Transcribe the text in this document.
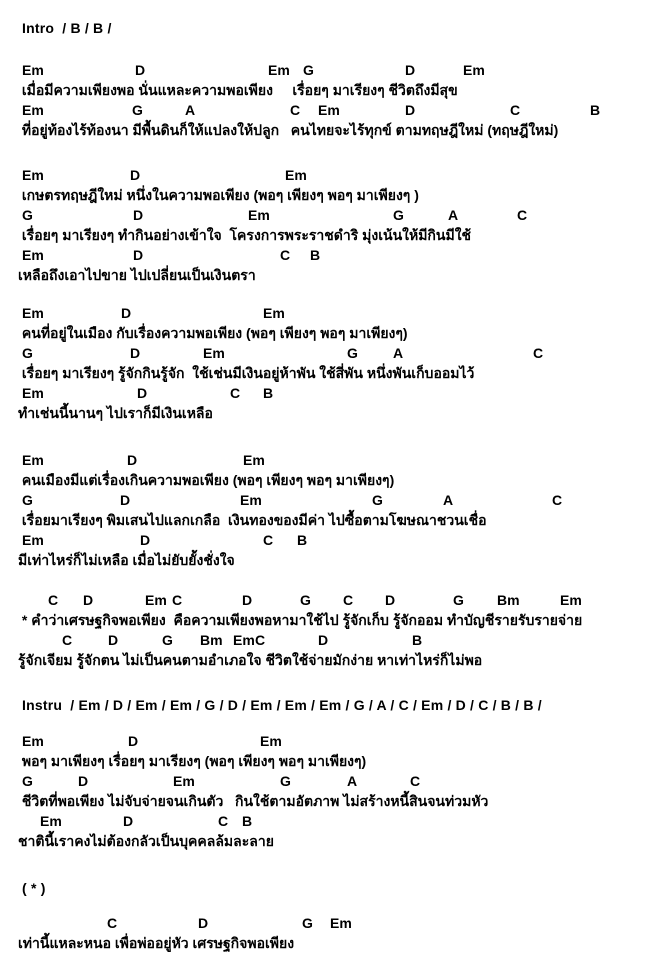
Intro  / B / B /
Em	D	Em G	D	Em
เมื่อมีความเพียงพอ นั่นแหละความพอเพียง     เรื่อยๆ มาเรียงๆ ชีวิตถึงมีสุข
Em	G	A	C Em	D	C	B
ที่อยู่ท้องไร้ท้องนา มีพื้นดินก็ให้แปลงให้ปลูก   คนไทยจะไร้ทุกข์ ตามทฤษฎีใหม่ (ทฤษฎีใหม่)
Em	D	Em
เกษตรทฤษฎีใหม่ หนึ่งในความพอเพียง (พอๆ เพียงๆ พอๆ มาเพียงๆ )
G	D	Em	G	A	C
เรื่อยๆ มาเรียงๆ ทำกินอย่างเข้าใจ  โครงการพระราชดำริ มุ่งเน้นให้มีกินมีใช้
Em	D	C B
เหลือถึงเอาไปขาย ไปเปลี่ยนเป็นเงินตรา
Em	D	Em
คนที่อยู่ในเมือง กับเรื่องความพอเพียง (พอๆ เพียงๆ พอๆ มาเพียงๆ)
G	D	Em	G	A	C
เรื่อยๆ มาเรียงๆ รู้จักกินรู้จัก  ใช้เช่นมีเงินอยู่ห้าพัน ใช้สี่พัน หนึ่งพันเก็บออมไว้
Em	D	C B
ทำเช่นนี้นานๆ ไปเราก็มีเงินเหลือ
Em	D	Em
คนเมืองมีแต่เรื่องเกินความพอเพียง (พอๆ เพียงๆ พอๆ มาเพียงๆ)
G	D	Em	G	A	C
เรื่อยมาเรียงๆ พิมเสนไปแลกเกลือ  เงินทองของมีค่า ไปซื้อตามโฆษณาชวนเชื่อ
Em	D	C B
มีเท่าไหร่ก็ไม่เหลือ เมื่อไม่ยับยั้งชั่งใจ
C D	Em C	D	G C D	G Bm	Em
* คำว่าเศรษฐกิจพอเพียง  คือความเพียงพอหามาใช้ไป รู้จักเก็บ รู้จักออม ทำบัญชีรายรับรายจ่าย
C	D	G Bm Em C	D	B
รู้จักเจียม รู้จักตน ไม่เป็นคนตามอำเภอใจ ชีวิตใช้จ่ายมักง่าย หาเท่าไหร่ก็ไม่พอ
Instru  / Em / D / Em / Em / G / D / Em / Em / Em / G / A / C / Em / D / C / B / B /
Em	D	Em
พอๆ มาเพียงๆ เรื่อยๆ มาเรียงๆ (พอๆ เพียงๆ พอๆ มาเพียงๆ)
G	D	Em	G	A	C
ชีวิตที่พอเพียง ไม่จับจ่ายจนเกินตัว   กินใช้ตามอัตภาพ ไม่สร้างหนี้สินจนท่วมหัว
Em	D	C B
ชาตินี้เราคงไม่ต้องกลัวเป็นบุคคลล้มละลาย
( * )
C	D	G Em
เท่านี้แหละหนอ เพื่อพ่ออยู่หัว เศรษฐกิจพอเพียง
